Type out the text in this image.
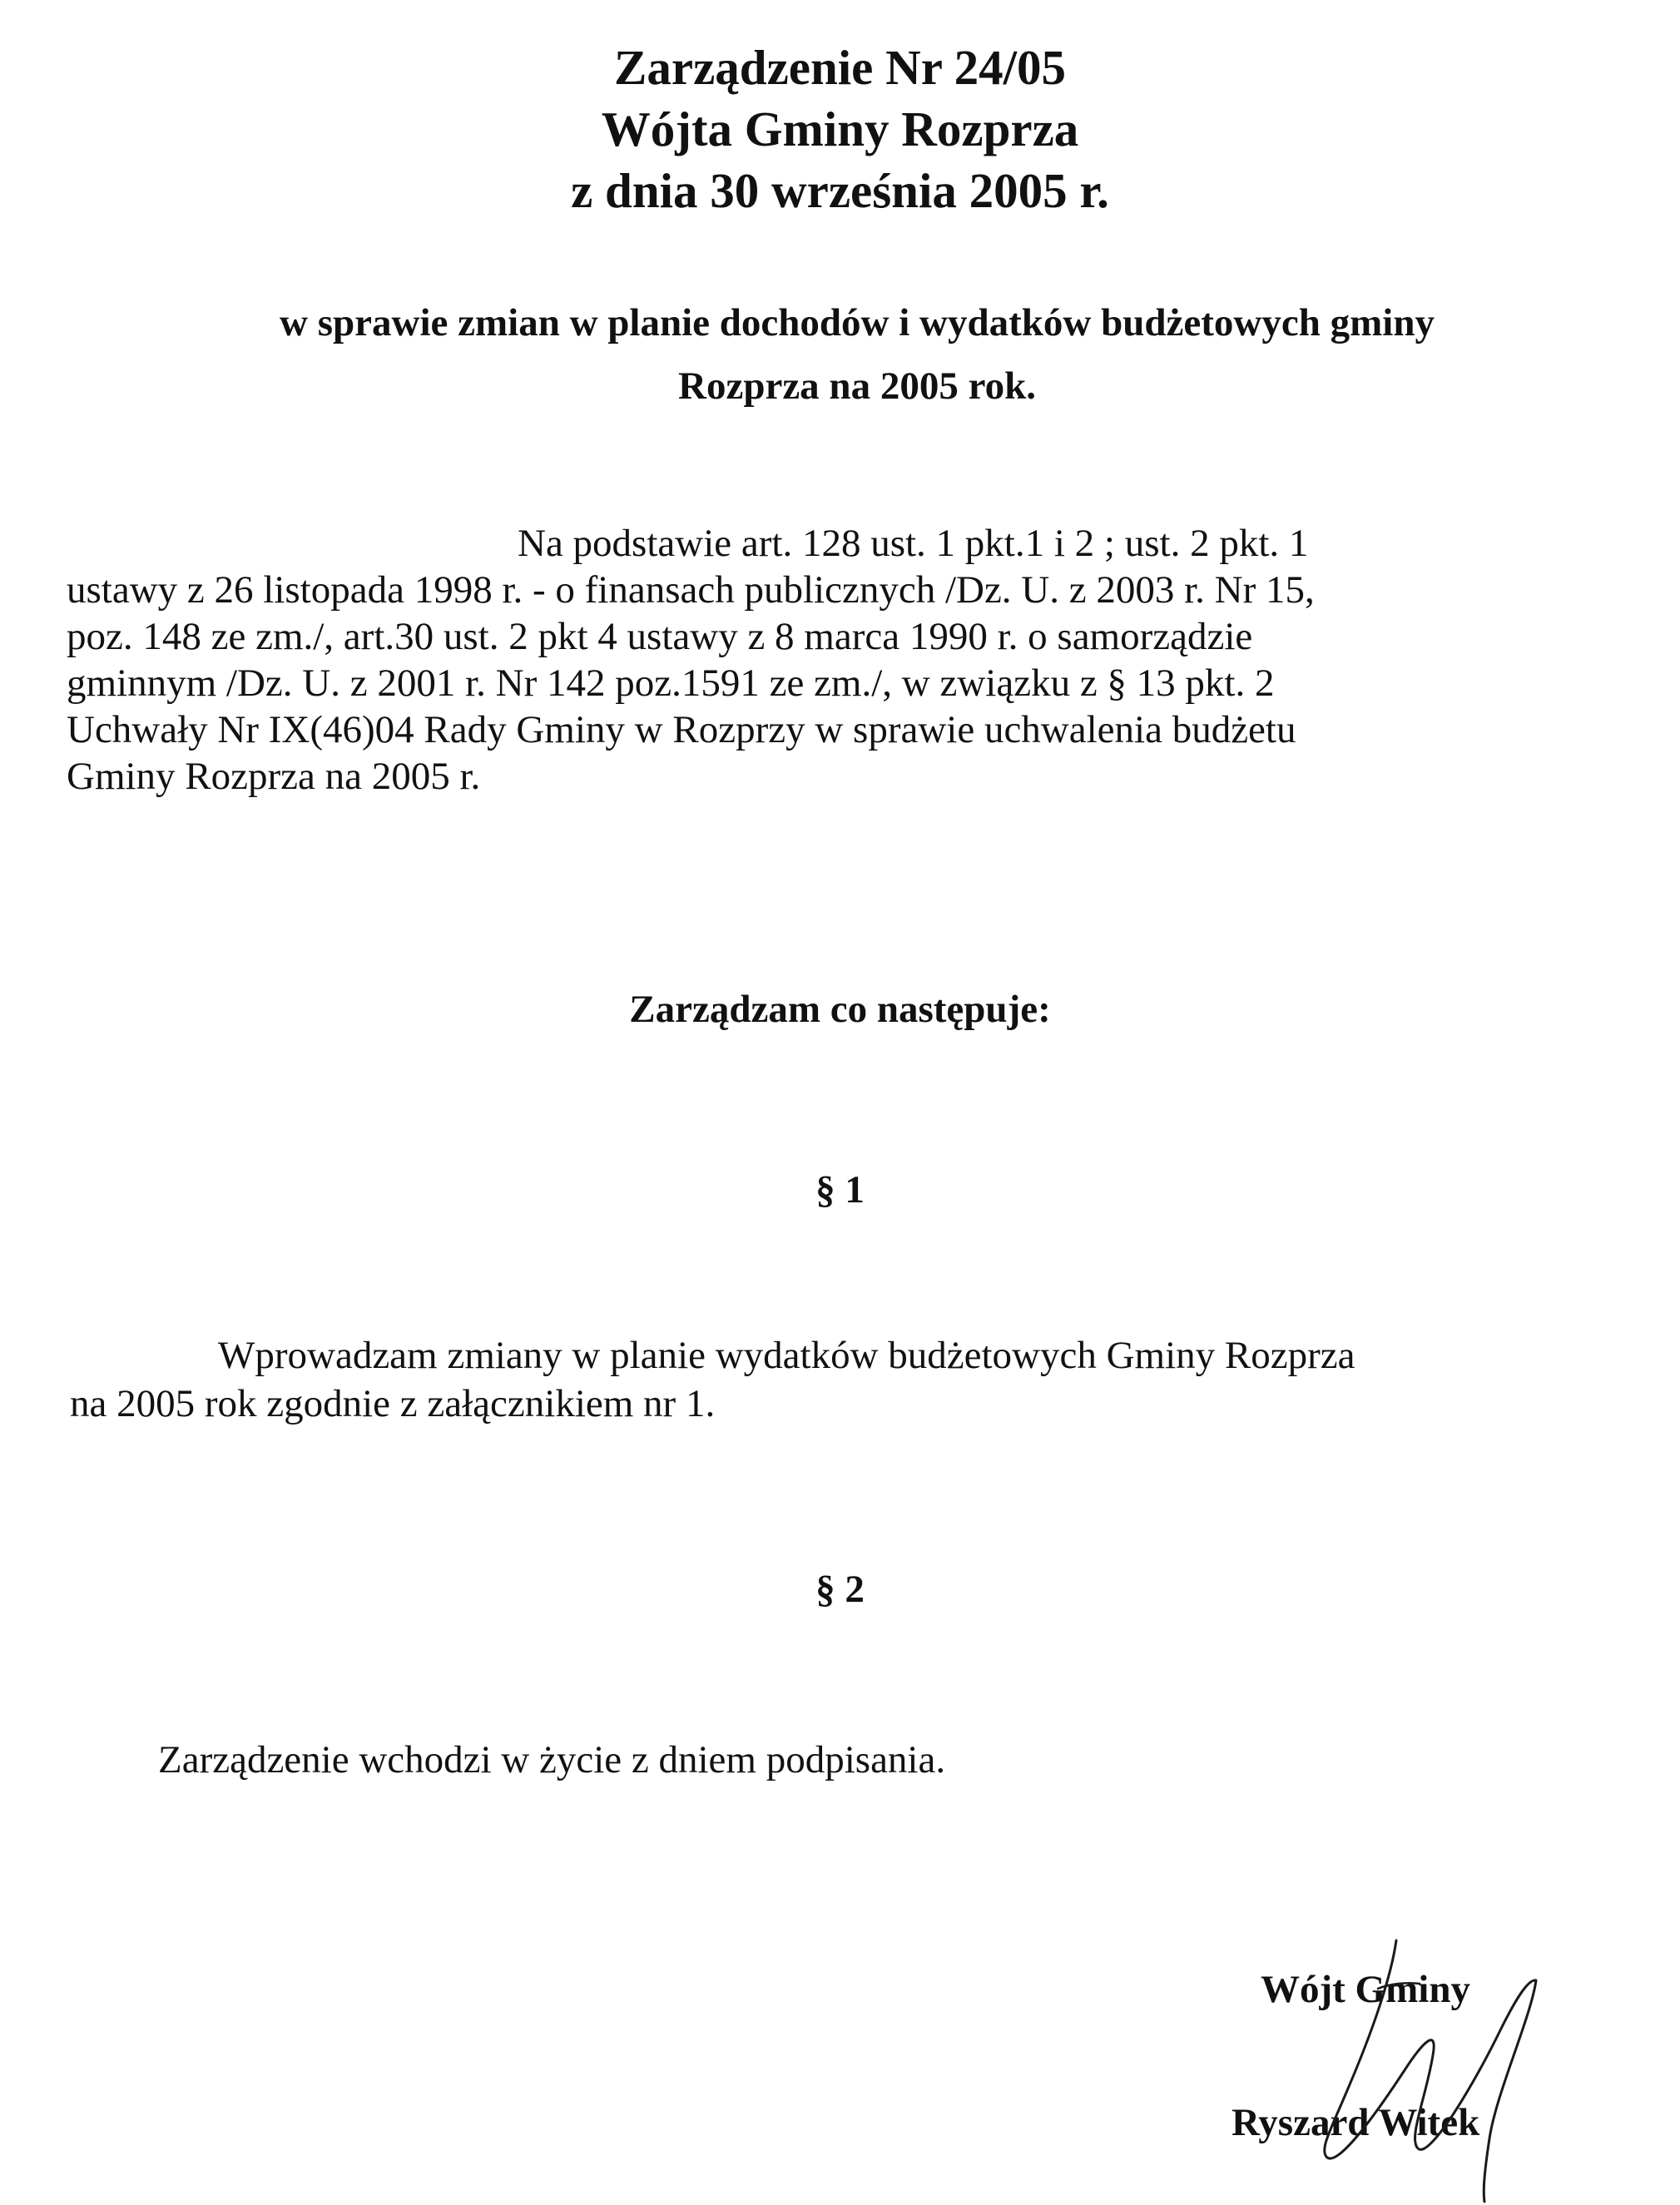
Zarządzenie Nr 24/05
Wójta Gminy Rozprza
z dnia 30 września 2005 r.
w sprawie zmian w planie dochodów i wydatków budżetowych gminy
Rozprza na 2005 rok.
Na podstawie art. 128 ust. 1 pkt.1 i 2 ; ust. 2 pkt. 1
ustawy z 26 listopada 1998 r. - o finansach publicznych /Dz. U. z 2003 r. Nr 15,
poz. 148 ze zm./, art.30 ust. 2 pkt 4 ustawy z 8 marca 1990 r. o samorządzie
gminnym /Dz. U. z 2001 r. Nr 142 poz.1591 ze zm./, w związku z § 13 pkt. 2
Uchwały Nr IX(46)04 Rady Gminy w Rozprzy w sprawie uchwalenia budżetu
Gminy Rozprza na 2005 r.
Zarządzam co następuje:
§ 1
Wprowadzam zmiany w planie wydatków budżetowych Gminy Rozprza
na 2005 rok zgodnie z załącznikiem nr 1.
§ 2
Zarządzenie wchodzi w życie z dniem podpisania.
Wójt Gminy
Ryszard Witek
